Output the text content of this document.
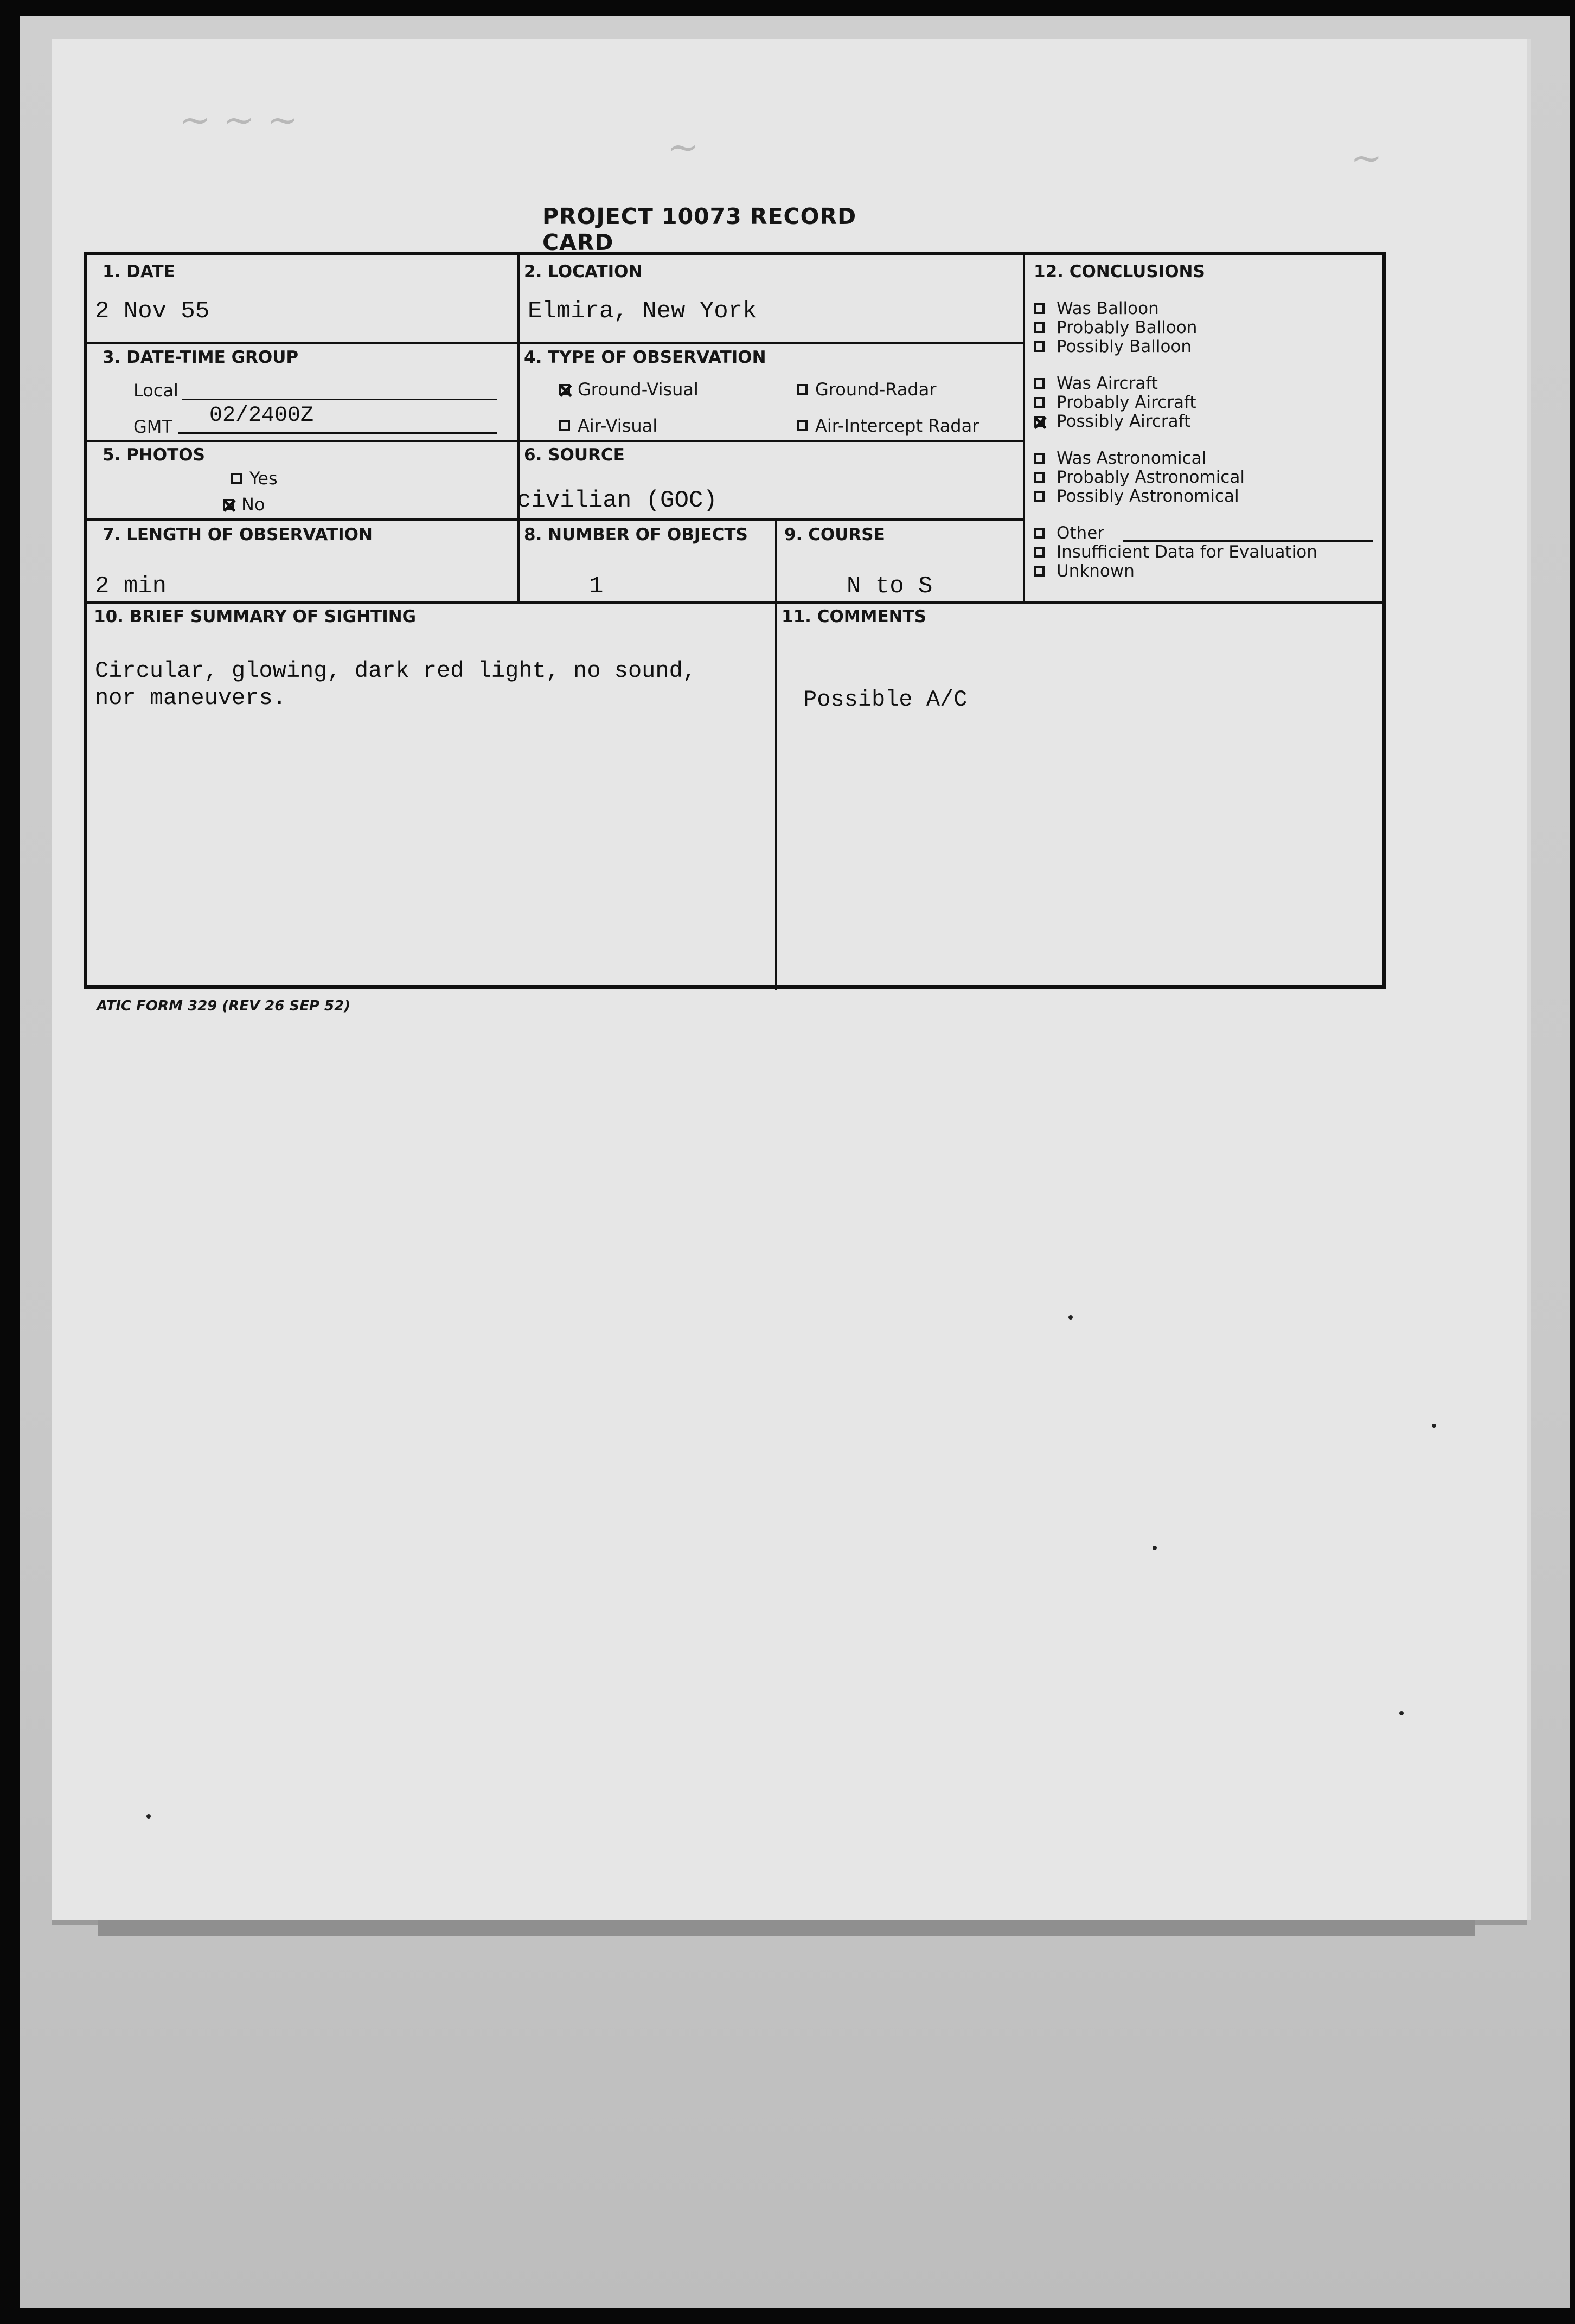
~ ~ ~
~	~
PROJECT 10073 RECORD CARD
1. DATE
2 Nov 55
2. LOCATION
Elmira, New York
3. DATE-TIME GROUP
Local
GMT 02/2400Z
4. TYPE OF OBSERVATION
Ground-Visual	Ground-Radar
Air-Visual	Air-Intercept Radar
5. PHOTOS
Yes
No
6. SOURCE
civilian (GOC)
7. LENGTH OF OBSERVATION
2 min
8. NUMBER OF OBJECTS
1
9. COURSE
N to S
10. BRIEF SUMMARY OF SIGHTING
Circular, glowing, dark red light, no sound,
nor maneuvers.
11. COMMENTS
Possible A/C
12. CONCLUSIONS
Was Balloon
Probably Balloon
Possibly Balloon
Was Aircraft
Probably Aircraft
Possibly Aircraft
Was Astronomical
Probably Astronomical
Possibly Astronomical
Other
Insufficient Data for Evaluation
Unknown
ATIC FORM 329 (REV 26 SEP 52)
